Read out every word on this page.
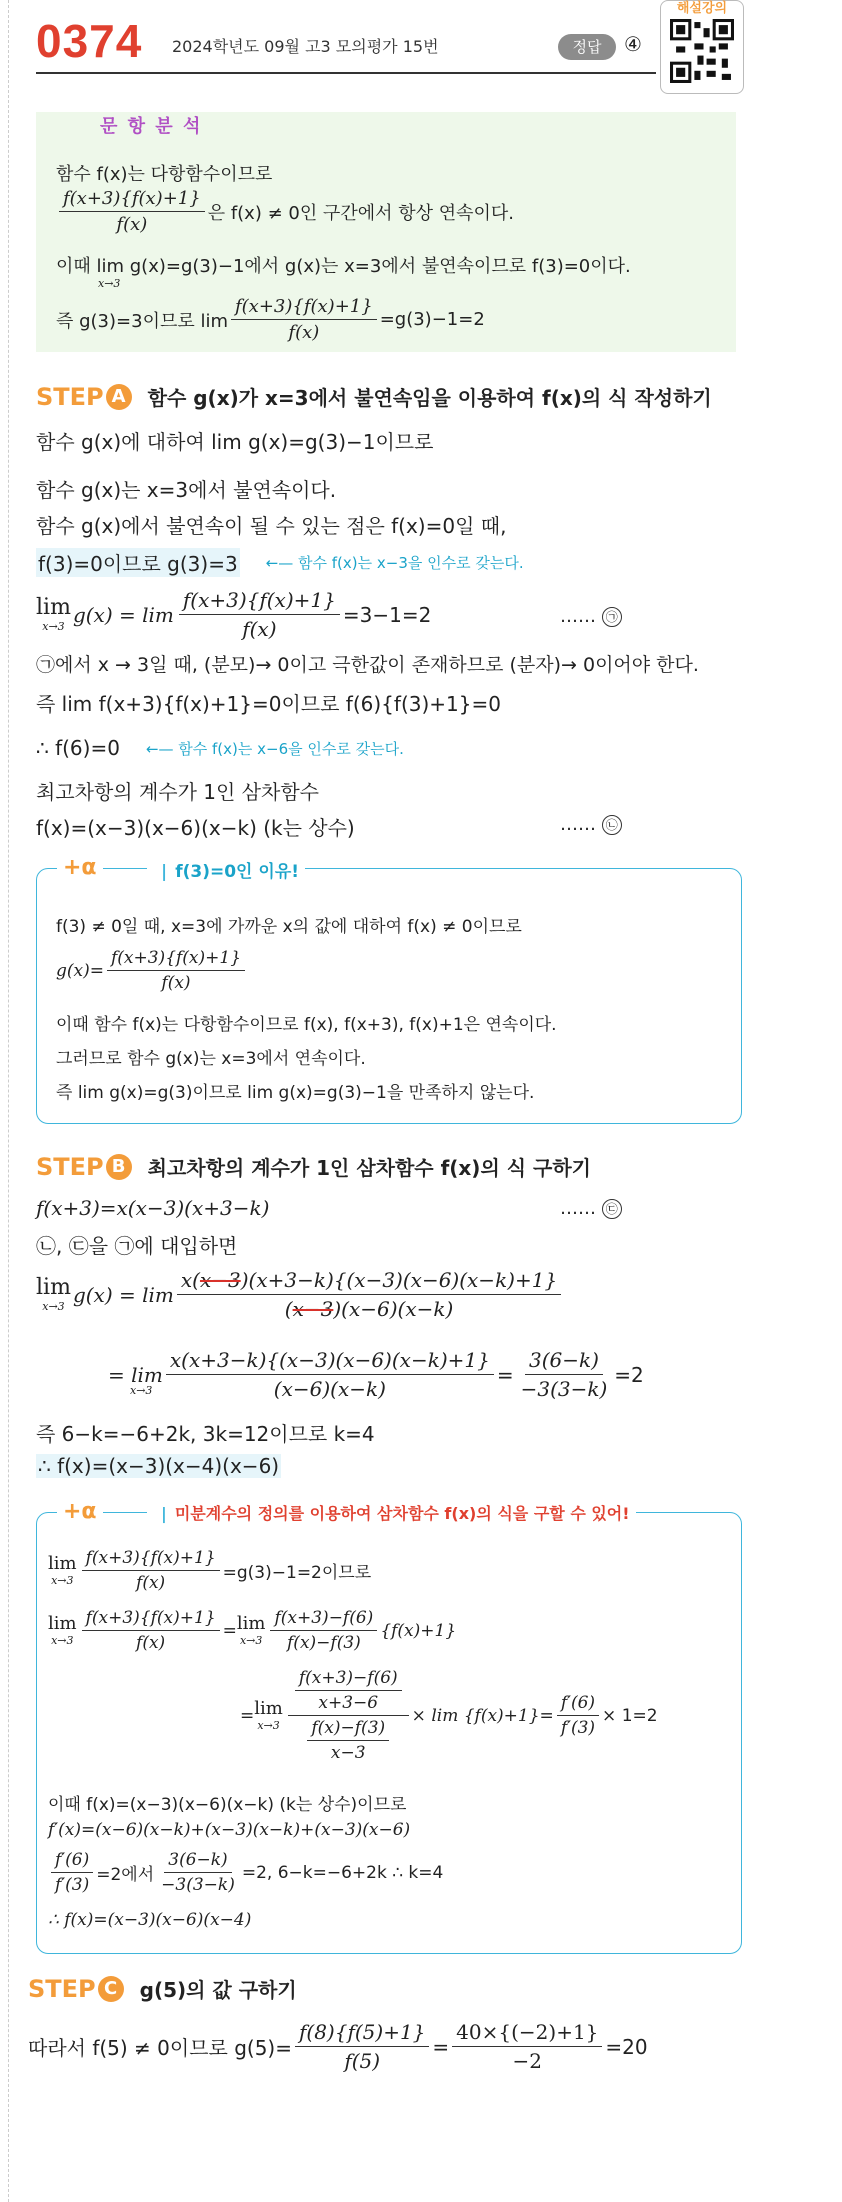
0374 2024학년도 09월 고3 모의평가 15번	정답	④
해설강의
문 항 분 석
함수 f(x)는 다항함수이므로
$\frac{f(x+3)\{f(x)+1\}}{f(x)}$ 은 f(x) ≠ 0인 구간에서 항상 연속이다.
이때 lim g(x)=g(3)−1에서 g(x)는 x=3에서 불연속이므로 f(3)=0이다.
x→3
즉 g(3)=3이므로 $\lim \frac{f(x+3)\{f(x)+1\}}{f(x)} =g(3)-1=2$
STEP A	함수 g(x)가 x=3에서 불연속임을 이용하여 f(x)의 식 작성하기
함수 g(x)에 대하여 lim g(x)=g(3)−1이므로
함수 g(x)는 x=3에서 불연속이다.
함수 g(x)에서 불연속이 될 수 있는 점은 f(x)=0일 때,
f(3)=0이므로 g(3)=3 ←— 함수 f(x)는 x−3을 인수로 갖는다.
lim
x→3 $g(x) = \lim \frac{f(x+3)\{f(x)+1\}}{f(x)} =3-1=2$	…… ㉠
㉠에서 x → 3일 때, (분모)→ 0이고 극한값이 존재하므로 (분자)→ 0이어야 한다.
즉 lim f(x+3){f(x)+1}=0이므로 f(6){f(3)+1}=0
∴ f(6)=0 ←— 함수 f(x)는 x−6을 인수로 갖는다.
최고차항의 계수가 1인 삼차함수
f(x)=(x−3)(x−6)(x−k) (k는 상수)	…… ㉡
+α	| f(3)=0인 이유!
f(3) ≠ 0일 때, x=3에 가까운 x의 값에 대하여 f(x) ≠ 0이므로
$g(x)= \frac{f(x+3)\{f(x)+1\}}{f(x)}$
이때 함수 f(x)는 다항함수이므로 f(x), f(x+3), f(x)+1은 연속이다.
그러므로 함수 g(x)는 x=3에서 연속이다.
즉 lim g(x)=g(3)이므로 lim g(x)=g(3)−1을 만족하지 않는다.
STEP B	최고차항의 계수가 1인 삼차함수 f(x)의 식 구하기
f(x+3)=x(x−3)(x+3−k)	…… ㉢
㉡, ㉢을 ㉠에 대입하면
lim
x→3 $g(x) = \lim \frac{x(x-3)(x+3-k)\{(x-3)(x-6)(x-k)+1\}}{(x-3)(x-6)(x-k)}$
= $\lim \frac{x(x+3-k)\{(x-3)(x-6)(x-k)+1\}}{(x-6)(x-k)} = \frac{3(6-k)}{-3(3-k)} =2$
x→3
즉 6−k=−6+2k, 3k=12이므로 k=4
∴ f(x)=(x−3)(x−4)(x−6)
+α	| 미분계수의 정의를 이용하여 삼차함수 f(x)의 식을 구할 수 있어!
lim
$x\to 3 \frac{f(x+3)\{f(x)+1\}}{f(x)} =g(3)-1=2$이므로
lim
$x\to 3 \frac{f(x+3)\{f(x)+1\}}{f(x)} = \lim$
$x\to 3 \frac{f(x+3)-f(6)}{f(x)-f(3)} \{f(x)+1\}$
= lim
$x\to 3 \frac{\frac{f(x+3)-f(6)}{x+3-6}}{\frac{f(x)-f(3)}{x-3}} \times \lim \{f(x)+1\}= \frac{f'(6)}{f'(3)} \times 1=2$
이때 f(x)=(x−3)(x−6)(x−k) (k는 상수)이므로
f′(x)=(x−6)(x−k)+(x−3)(x−k)+(x−3)(x−6)
$\frac{f'(6)}{f'(3)} =2$에서 $\frac{3(6-k)}{-3(3-k)} =2$, 6−k=−6+2k ∴ k=4
∴ f(x)=(x−3)(x−6)(x−4)
STEP C	g(5)의 값 구하기
따라서 f(5) ≠ 0이므로 $g(5)= \frac{f(8)\{f(5)+1\}}{f(5)} = \frac{40\times\{(-2)+1\}}{-2} =20$
